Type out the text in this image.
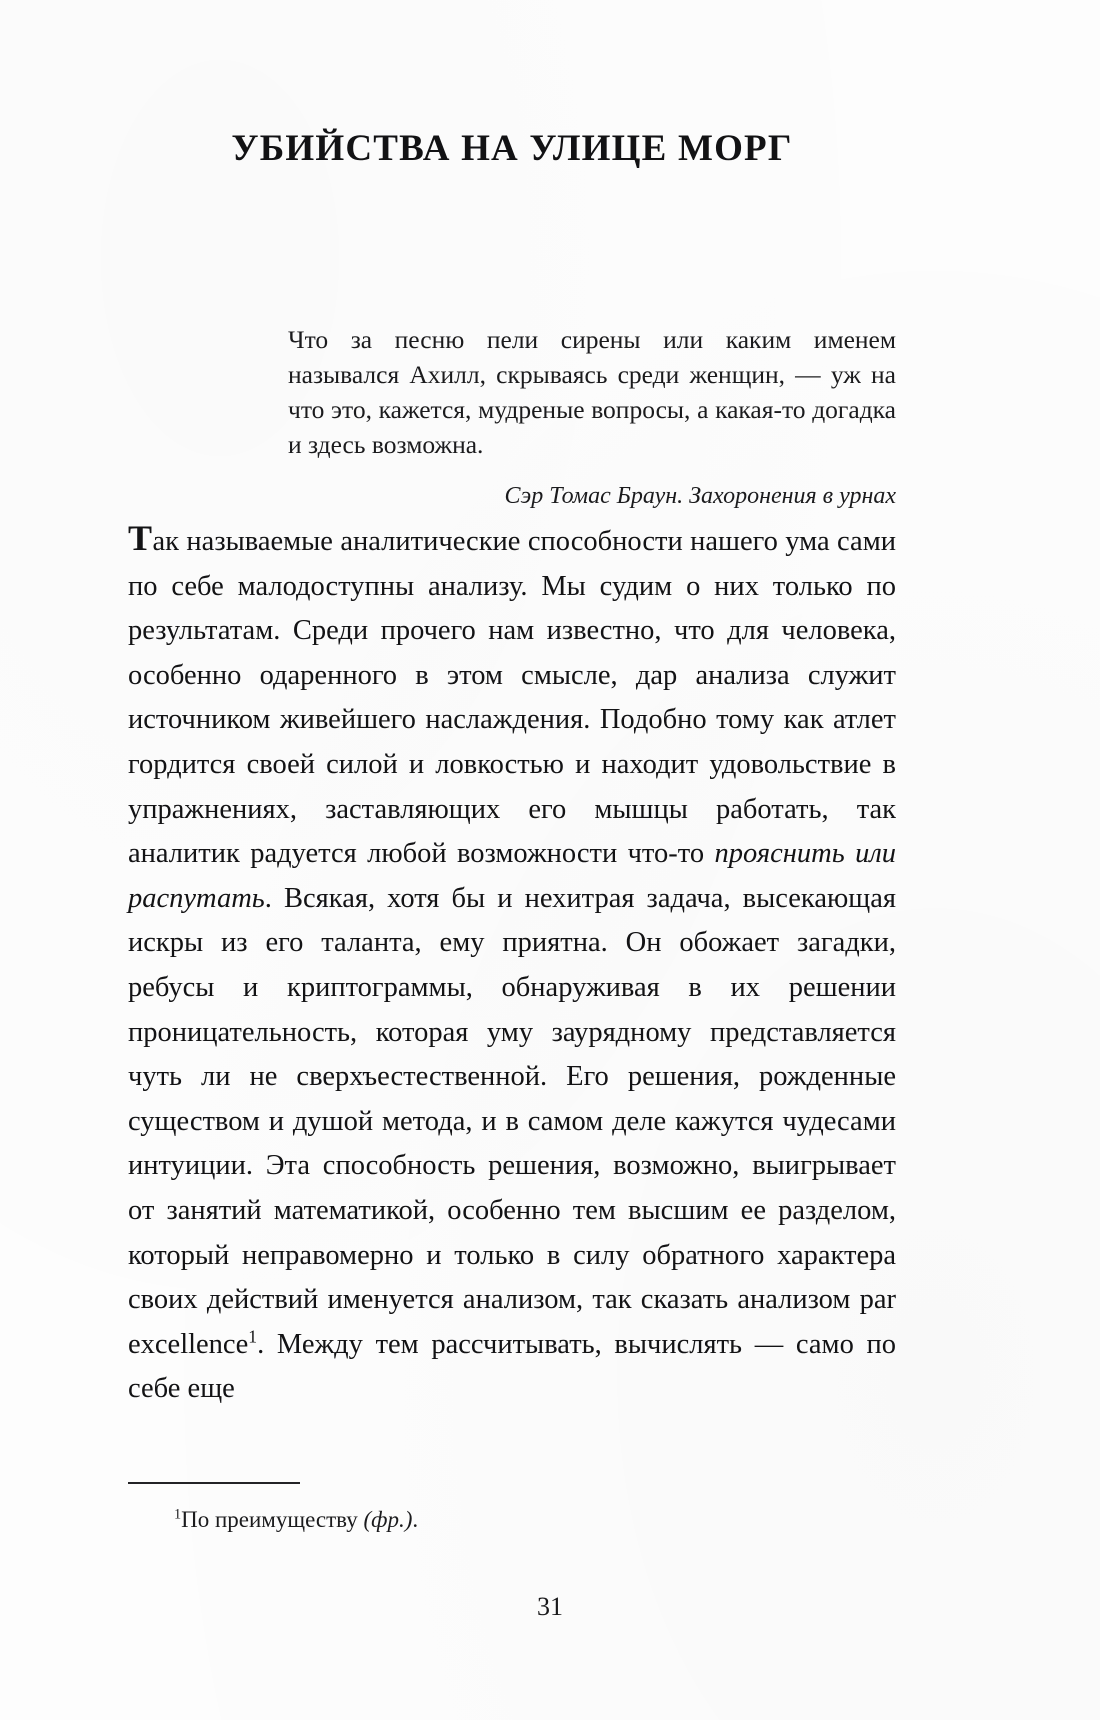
УБИЙСТВА НА УЛИЦЕ МОРГ
Что за песню пели сирены или каким именем назывался Ахилл, скрываясь среди женщин, — уж на что это, кажется, мудреные вопросы, а какая-то догадка и здесь возможна.
Сэр Томас Браун. Захоронения в урнах
Так называемые аналитические способности нашего ума сами по себе малодоступны анализу. Мы судим о них только по результатам. Среди прочего нам известно, что для человека, особенно одаренного в этом смысле, дар анализа служит источником живейшего наслаждения. Подобно тому как атлет гордится своей силой и ловкостью и находит удовольствие в упражнениях, заставляющих его мышцы работать, так аналитик радуется любой возможности что-то прояснить или распутать. Всякая, хотя бы и нехитрая задача, высекающая искры из его таланта, ему приятна. Он обожает загадки, ребусы и криптограммы, обнаруживая в их решении проницательность, которая уму заурядному представляется чуть ли не сверхъестественной. Его решения, рожденные существом и душой метода, и в самом деле кажутся чудесами интуиции. Эта способность решения, возможно, выигрывает от занятий математикой, особенно тем высшим ее разделом, который неправомерно и только в силу обратного характера своих действий именуется анализом, так сказать анализом par excellence$^1$. Между тем рассчитывать, вычислять — само по себе еще
$^1$По преимуществу (фр.).
31
